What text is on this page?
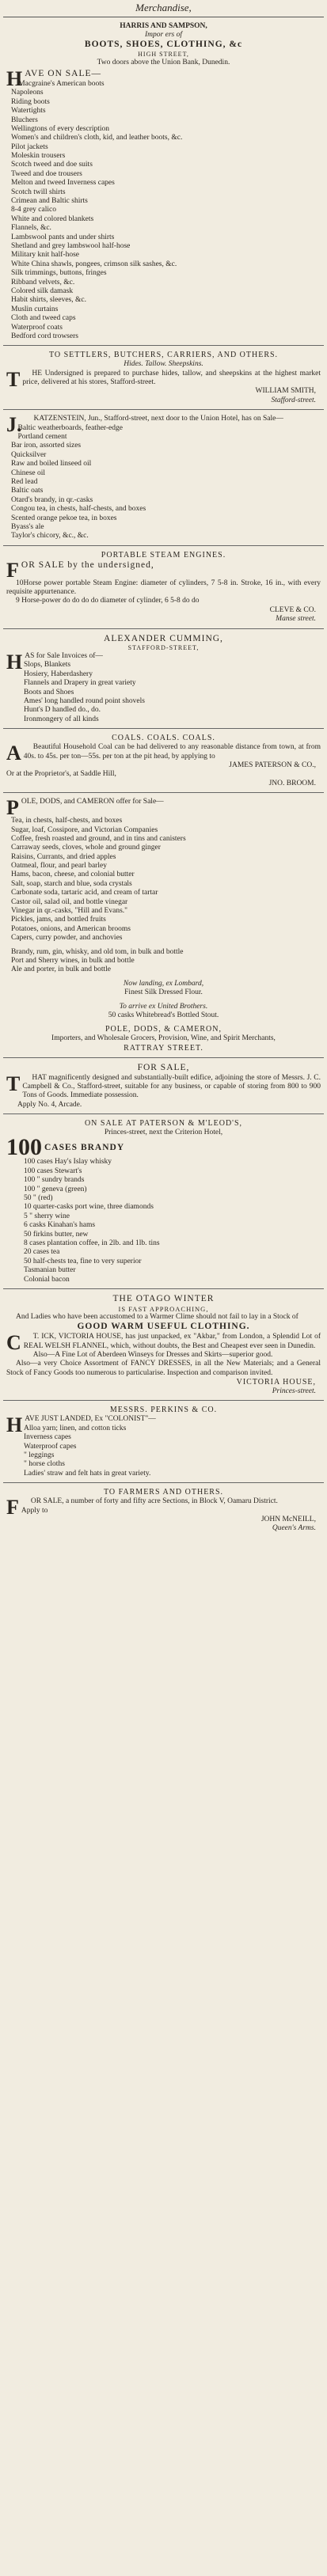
Merchandise,
HARRIS AND SAMPSON,
Impor ers of
BOOTS, SHOES, CLOTHING, &c
HIGH STREET,
Two doors above the Union Bank, Dunedin.
H AVE ON SALE—
Macgraine's American boots
Napoleons
Riding boots
Watertights
Bluchers
Wellingtons of every description
Women's and children's cloth, kid, and leather boots, &c.
Pilot jackets
Moleskin trousers
Scotch tweed and doe suits
Tweed and doe trousers
Melton and tweed Inverness capes
Scotch twill shirts
Crimean and Baltic shirts
8-4 grey calico
White and colored blankets
Flannels, &c.
Lambswool pants and under shirts
Shetland and grey lambswool half-hose
Military knit half-hose
White China shawls, pongees, crimson silk sashes, &c.
Silk trimmings, buttons, fringes
Ribband velvets, &c.
Colored silk damask
Habit shirts, sleeves, &c.
Muslin curtains
Cloth and tweed caps
Waterproof coats
Bedford cord trowsers
TO SETTLERS, BUTCHERS, CARRIERS, AND OTHERS.
Hides. Tallow. Sheepskins.
T	HE Undersigned is prepared to purchase hides, tallow, and sheepskins at the highest market price, delivered at his stores, Stafford-street.
WILLIAM SMITH,
Stafford-street.
J.	KATZENSTEIN, Jun., Stafford-street, next door to the Union Hotel, has on Sale—
Baltic weatherboards, feather-edge
Portland cement
Bar iron, assorted sizes
Quicksilver
Raw and boiled linseed oil
Chinese oil
Red lead
Baltic oats
Otard's brandy, in qr.-casks
Congou tea, in chests, half-chests, and boxes
Scented orange pekoe tea, in boxes
Byass's ale
Taylor's chicory, &c., &c.
PORTABLE STEAM ENGINES.
F OR SALE by the undersigned,
10Horse power portable Steam Engine: diameter of cylinders, 7 5-8 in. Stroke, 16 in., with every requisite appurtenance.
9 Horse-power do do do do diameter of cylinder, 6 5-8 do do
CLEVE & CO.
Manse street.
ALEXANDER CUMMING,
STAFFORD-STREET,
H AS for Sale Invoices of—
Slops, Blankets
Hosiery, Haberdashery
Flannels and Drapery in great variety
Boots and Shoes
Ames' long handled round point shovels
Hunt's D handled do., do.
Ironmongery of all kinds
COALS. COALS. COALS.
A	Beautiful Household Coal can be had delivered to any reasonable distance from town, at from 40s. to 45s. per ton—55s. per ton at the pit head, by applying to
JAMES PATERSON & CO.,
Or at the Proprietor's, at Saddle Hill,
JNO. BROOM.
P OLE, DODS, and CAMERON offer for Sale—
Tea, in chests, half-chests, and boxes
Sugar, loaf, Cossipore, and Victorian Companies
Coffee, fresh roasted and ground, and in tins and canisters
Carraway seeds, cloves, whole and ground ginger
Raisins, Currants, and dried apples
Oatmeal, flour, and pearl barley
Hams, bacon, cheese, and colonial butter
Salt, soap, starch and blue, soda crystals
Carbonate soda, tartaric acid, and cream of tartar
Castor oil, salad oil, and bottle vinegar
Vinegar in qr.-casks, "Hill and Evans."
Pickles, jams, and bottled fruits
Potatoes, onions, and American brooms
Capers, curry powder, and anchovies
Brandy, rum, gin, whisky, and old tom, in bulk and bottle
Port and Sherry wines, in bulk and bottle
Ale and porter, in bulk and bottle
Now landing, ex Lombard,
Finest Silk Dressed Flour.
To arrive ex United Brothers.
50 casks Whitebread's Bottled Stout.
POLE, DODS, & CAMERON,
Importers, and Wholesale Grocers, Provision, Wine, and Spirit Merchants,
RATTRAY STREET.
FOR SALE,
T	HAT magnificently designed and substantially-built edifice, adjoining the store of Messrs. J. C. Campbell & Co., Stafford-street, suitable for any business, or capable of storing from 800 to 900 Tons of Goods. Immediate possession.
Apply No. 4, Arcade.
ON SALE AT PATERSON & M'LEOD'S,
Princes-street, next the Criterion Hotel,
100 CASES BRANDY
100 cases Hay's Islay whisky
100 cases Stewart's
100 " sundry brands
100 " geneva (green)
50 " (red)
10 quarter-casks port wine, three diamonds
5 " sherry wine
6 casks Kinahan's hams
50 firkins butter, new
8 cases plantation coffee, in 2lb. and 1lb. tins
20 cases tea
50 half-chests tea, fine to very superior
Tasmanian butter
Colonial bacon
THE OTAGO WINTER
IS FAST APPROACHING,
And Ladies who have been accustomed to a Warmer Clime should not fail to lay in a Stock of
GOOD WARM USEFUL CLOTHING.
C	T. ICK, VICTORIA HOUSE, has just unpacked, ex "Akbar," from London, a Splendid Lot of REAL WELSH FLANNEL, which, without doubts, the Best and Cheapest ever seen in Dunedin.
Also—A Fine Lot of Aberdeen Winseys for Dresses and Skirts—superior good.
Also—a very Choice Assortment of FANCY DRESSES, in all the New Materials; and a General Stock of Fancy Goods too numerous to particularise. Inspection and comparison invited.
VICTORIA HOUSE,
Princes-street.
MESSRS. PERKINS & CO.
H AVE JUST LANDED, Ex "COLONIST"—
Alloa yarn; linen, and cotton ticks
Inverness capes
Waterproof capes
" leggings
" horse cloths
Ladies' straw and felt hats in great variety.
TO FARMERS AND OTHERS.
F	OR SALE, a number of forty and fifty acre Sections, in Block V, Oamaru District.
Apply to
JOHN McNEILL,
Queen's Arms.
